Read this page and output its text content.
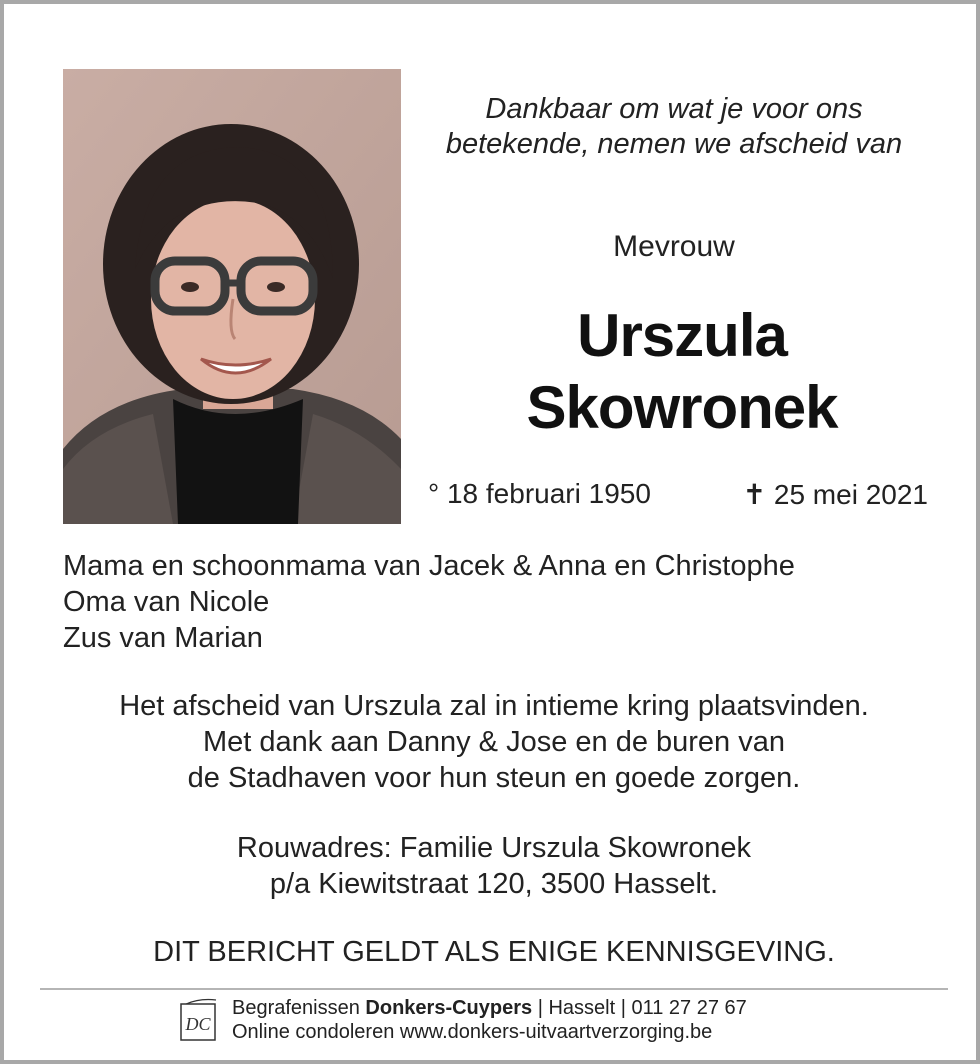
Dankbaar om wat je voor ons
betekende, nemen we afscheid van
Mevrouw
Urszula
Skowronek
° 18 februari 1950	✝ 25 mei 2021
Mama en schoonmama van Jacek & Anna en Christophe
Oma van Nicole
Zus van Marian
Het afscheid van Urszula zal in intieme kring plaatsvinden.
Met dank aan Danny & Jose en de buren van
de Stadhaven voor hun steun en goede zorgen.
Rouwadres: Familie Urszula Skowronek
p/a Kiewitstraat 120, 3500 Hasselt.
DIT BERICHT GELDT ALS ENIGE KENNISGEVING.
DC
Begrafenissen Donkers-Cuypers | Hasselt | 011 27 27 67
Online condoleren www.donkers-uitvaartverzorging.be
